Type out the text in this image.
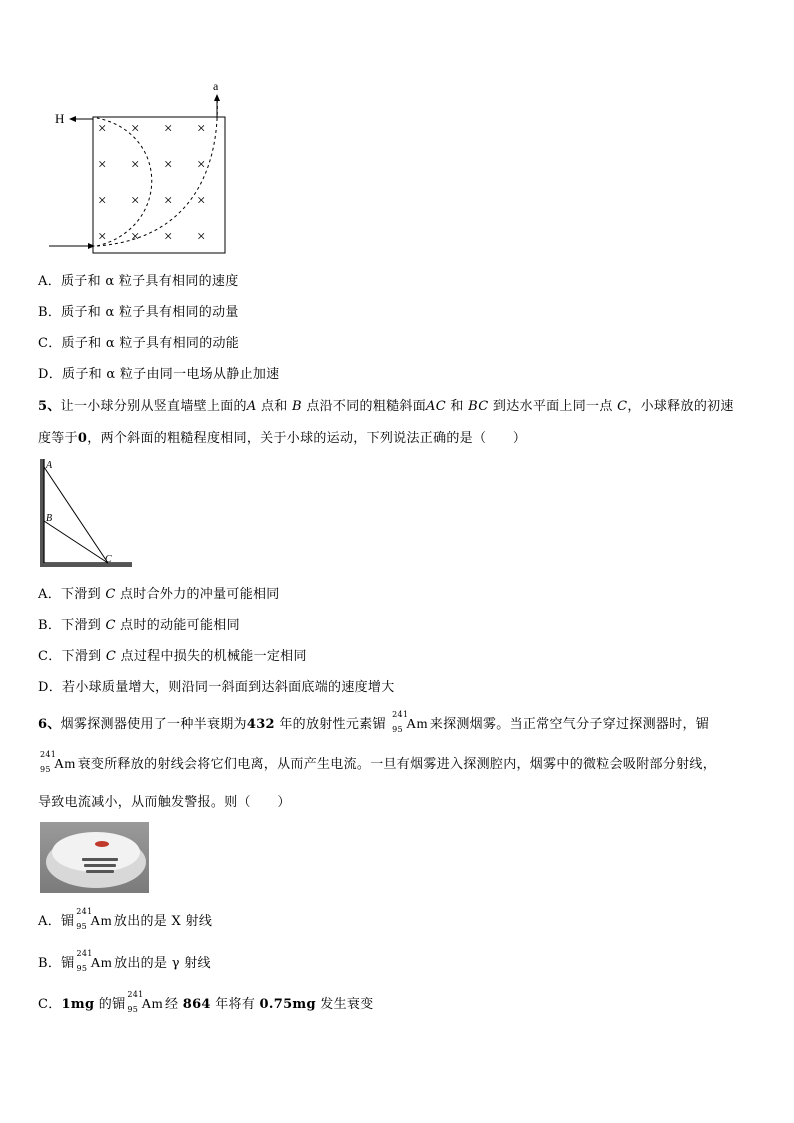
× × × ×
× × × ×
× × × ×
× × × ×
H
a
A．质子和 α 粒子具有相同的速度
B．质子和 α 粒子具有相同的动量
C．质子和 α 粒子具有相同的动能
D．质子和 α 粒子由同一电场从静止加速
5、让一小球分别从竖直墙壁上面的A 点和 B 点沿不同的粗糙斜面AC 和 BC 到达水平面上同一点 C，小球释放的初速
度等于0，两个斜面的粗糙程度相同，关于小球的运动，下列说法正确的是（　　）
A
B
C
A．下滑到 C 点时合外力的冲量可能相同
B．下滑到 C 点时的动能可能相同
C．下滑到 C 点过程中损失的机械能一定相同
D．若小球质量增大，则沿同一斜面到达斜面底端的速度增大
6、烟雾探测器使用了一种半衰期为432 年的放射性元素镅
241
95 Am 来探测烟雾。当正常空气分子穿过探测器时，镅
241
95 Am 衰变所释放的射线会将它们电离，从而产生电流。一旦有烟雾进入探测腔内，烟雾中的微粒会吸附部分射线，
导致电流减小，从而触发警报。则（　　）
A．镅
241
95 Am 放出的是 X 射线
B．镅
241
95 Am 放出的是 γ 射线
C．1mg 的镅
241
95 Am 经 864 年将有 0.75mg 发生衰变
